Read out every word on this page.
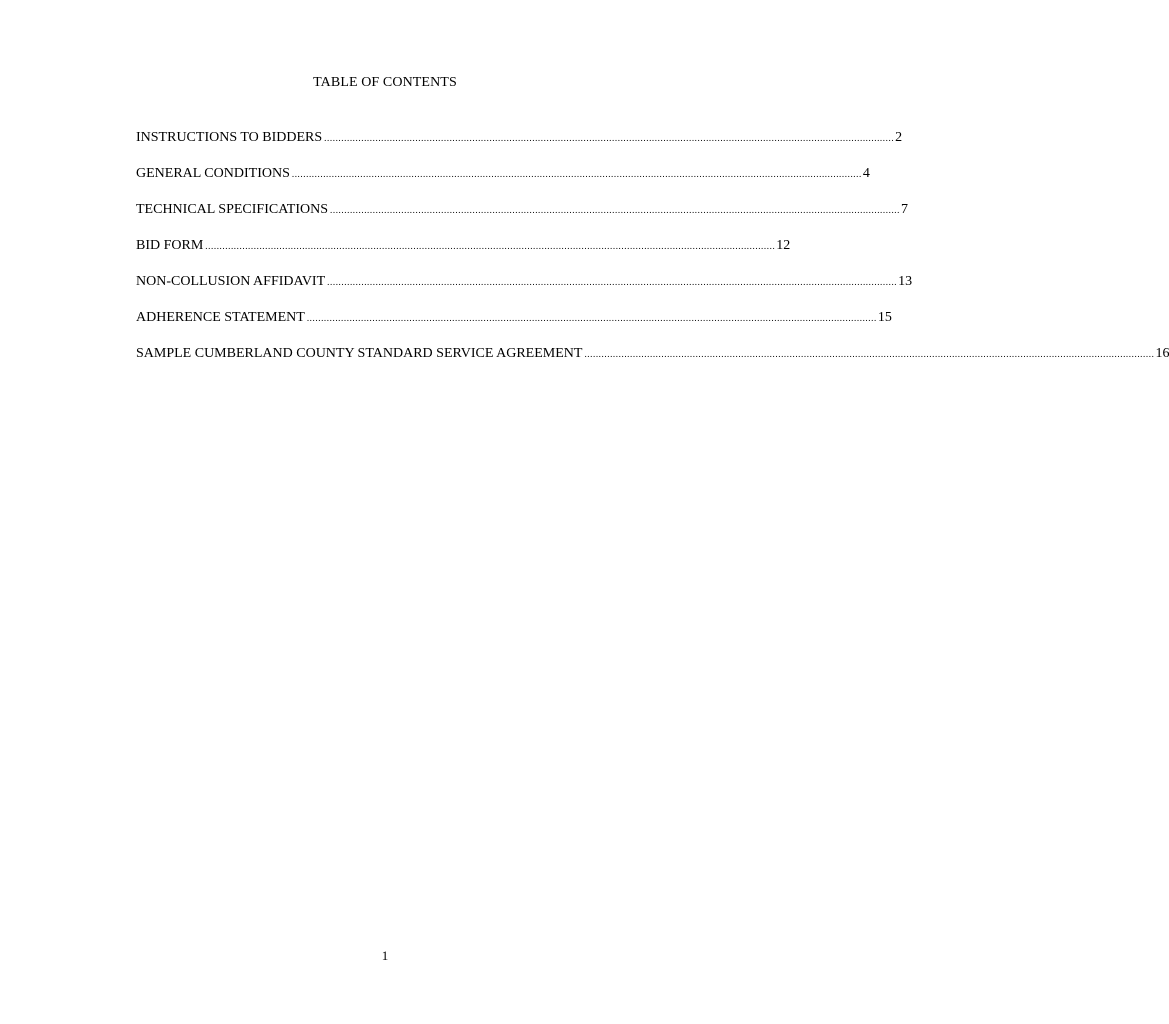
TABLE OF CONTENTS
INSTRUCTIONS TO BIDDERS ........................................................................................................................................................................................................ 2
GENERAL CONDITIONS ........................................................................................................................................................................................................ 4
TECHNICAL SPECIFICATIONS ........................................................................................................................................................................................................ 7
BID FORM ........................................................................................................................................................................................................ 12
NON-COLLUSION AFFIDAVIT ........................................................................................................................................................................................................ 13
ADHERENCE STATEMENT ........................................................................................................................................................................................................ 15
SAMPLE CUMBERLAND COUNTY STANDARD SERVICE AGREEMENT ........................................................................................................................................................................................................ 16
1
